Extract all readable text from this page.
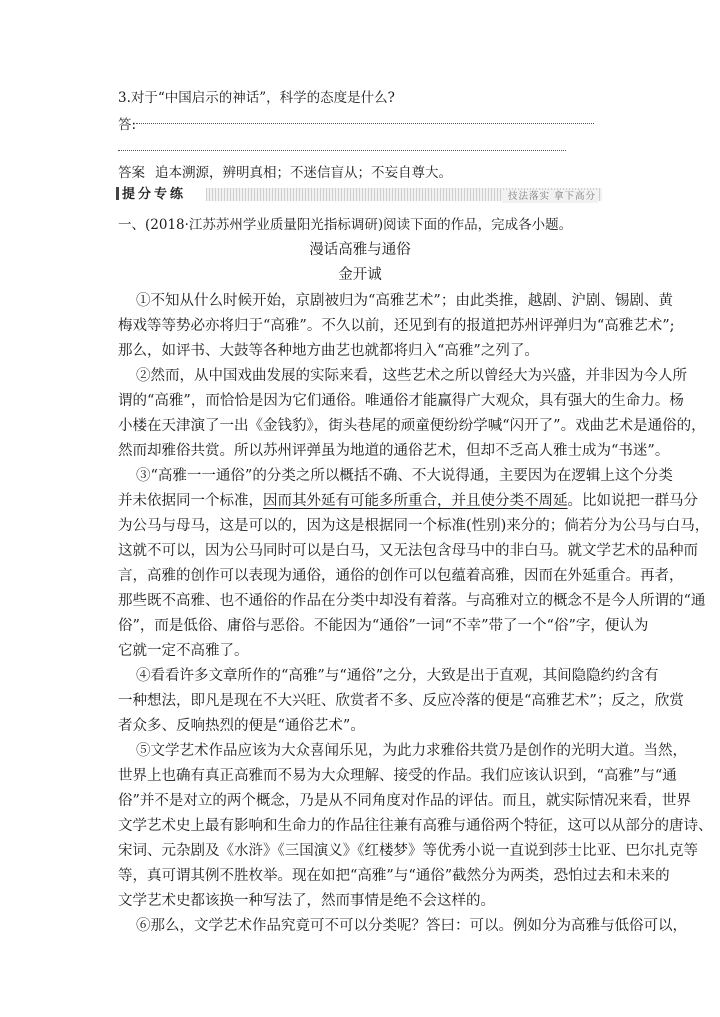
3.对于“中国启示的神话”，科学的态度是什么?
答:
答案 追本溯源，辨明真相；不迷信盲从；不妄自尊大。
提分专练	技法落实 拿下高分
一、(2018·江苏苏州学业质量阳光指标调研)阅读下面的作品，完成各小题。
漫话高雅与通俗
金开诚
①不知从什么时候开始，京剧被归为“高雅艺术”；由此类推，越剧、沪剧、锡剧、黄
梅戏等等势必亦将归于“高雅”。不久以前，还见到有的报道把苏州评弹归为“高雅艺术”;
那么，如评书、大鼓等各种地方曲艺也就都将归入“高雅”之列了。
②然而，从中国戏曲发展的实际来看，这些艺术之所以曾经大为兴盛，并非因为今人所
谓的“高雅”，而恰恰是因为它们通俗。唯通俗才能赢得广大观众，具有强大的生命力。杨
小楼在天津演了一出《金钱豹》，街头巷尾的顽童便纷纷学喊“闪开了”。戏曲艺术是通俗的，
然而却雅俗共赏。所以苏州评弹虽为地道的通俗艺术，但却不乏高人雅士成为“书迷”。
③“高雅一一通俗”的分类之所以概括不确、不大说得通，主要因为在逻辑上这个分类
并未依据同一个标准，因而其外延有可能多所重合，并且使分类不周延。比如说把一群马分
为公马与母马，这是可以的，因为这是根据同一个标准(性别)来分的；倘若分为公马与白马，
这就不可以，因为公马同时可以是白马，又无法包含母马中的非白马。就文学艺术的品种而
言，高雅的创作可以表现为通俗，通俗的创作可以包蕴着高雅，因而在外延重合。再者，
那些既不高雅、也不通俗的作品在分类中却没有着落。与高雅对立的概念不是今人所谓的“通
俗”，而是低俗、庸俗与恶俗。不能因为“通俗”一词“不幸”带了一个“俗”字，便认为
它就一定不高雅了。
④看看许多文章所作的“高雅”与“通俗”之分，大致是出于直观，其间隐隐约约含有
一种想法，即凡是现在不大兴旺、欣赏者不多、反应冷落的便是“高雅艺术”；反之，欣赏
者众多、反响热烈的便是“通俗艺术”。
⑤文学艺术作品应该为大众喜闻乐见，为此力求雅俗共赏乃是创作的光明大道。当然，
世界上也确有真正高雅而不易为大众理解、接受的作品。我们应该认识到，“高雅”与“通
俗”并不是对立的两个概念，乃是从不同角度对作品的评估。而且，就实际情况来看，世界
文学艺术史上最有影响和生命力的作品往往兼有高雅与通俗两个特征，这可以从部分的唐诗、
宋词、元杂剧及《水浒》《三国演义》《红楼梦》等优秀小说一直说到莎士比亚、巴尔扎克等
等，真可谓其例不胜枚举。现在如把“高雅”与“通俗”截然分为两类，恐怕过去和未来的
文学艺术史都该换一种写法了，然而事情是绝不会这样的。
⑥那么，文学艺术作品究竟可不可以分类呢？答曰：可以。例如分为高雅与低俗可以，
